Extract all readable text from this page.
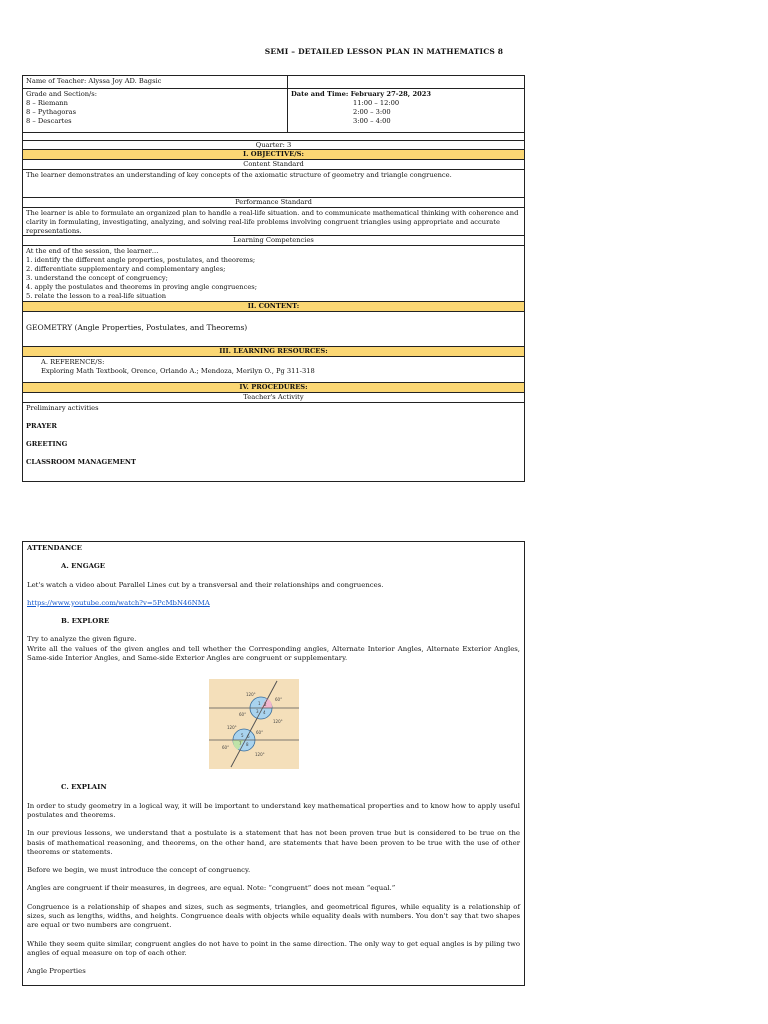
SEMI – DETAILED LESSON PLAN IN MATHEMATICS 8
Name of Teacher: Alyssa Joy AD. Bagsic

Grade and Section/s:

8 – Riemann

8 – Pythagoras

8 – Descartes

Date and Time: February 27-28, 2023

11:00 – 12:00

2:00 – 3:00

3:00 – 4:00

Quarter: 3
I. OBJECTIVE/S:
Content Standard
The learner demonstrates an understanding of key concepts of the axiomatic structure of geometry and triangle congruence.
Performance Standard
The learner is able to formulate an organized plan to handle a real-life situation. and to communicate mathematical thinking with coherence and clarity in formulating, investigating, analyzing, and solving real-life problems involving congruent triangles using appropriate and accurate representations.
Learning Competencies

At the end of the session, the learner…

1. identify the different angle properties, postulates, and theorems;

2. differentiate supplementary and complementary angles;

3. understand the concept of congruency;

4. apply the postulates and theorems in proving angle congruences;

5. relate the lesson to a real-life situation

II. CONTENT:
GEOMETRY (Angle Properties, Postulates, and Theorems)
III. LEARNING RESOURCES:

A. REFERENCE/S:

Exploring Math Textbook, Orence, Orlando A.; Mendoza, Merilyn O., Pg 311-318

IV. PROCEDURES:
Teacher's Activity

Preliminary activities

PRAYER

GREETING

CLASSROOM MANAGEMENT

ATTENDANCE

A. ENGAGE

Let's watch a video about Parallel Lines cut by a transversal and their relationships and congruences.

https://www.youtube.com/watch?v=5PcMbN46NMA

B. EXPLORE

Try to analyze the given figure.

Write all the values of the given angles and tell whether the Corresponding angles, Alternate Interior Angles, Alternate Exterior Angles, Same-side Interior Angles, and Same-side Exterior Angles are congruent or supplementary.

C. EXPLAIN

In order to study geometry in a logical way, it will be important to understand key mathematical properties and to know how to apply useful postulates and theorems.

In our previous lessons, we understand that a postulate is a statement that has not been proven true but is considered to be true on the basis of mathematical reasoning, and theorems, on the other hand, are statements that have been proven to be true with the use of other theorems or statements.

Before we begin, we must introduce the concept of congruency.

Angles are congruent if their measures, in degrees, are equal. Note: “congruent” does not mean “equal.”

Congruence is a relationship of shapes and sizes, such as segments, triangles, and geometrical figures, while equality is a relationship of sizes, such as lengths, widths, and heights. Congruence deals with objects while equality deals with numbers. You don't say that two shapes are equal or two numbers are congruent.

While they seem quite similar, congruent angles do not have to point in the same direction. The only way to get equal angles is by piling two angles of equal measure on top of each other.

Angle Properties

120°
60°
60°
120°
120°
60°
60°
120°
1 2
3 4
5 6
7 8
